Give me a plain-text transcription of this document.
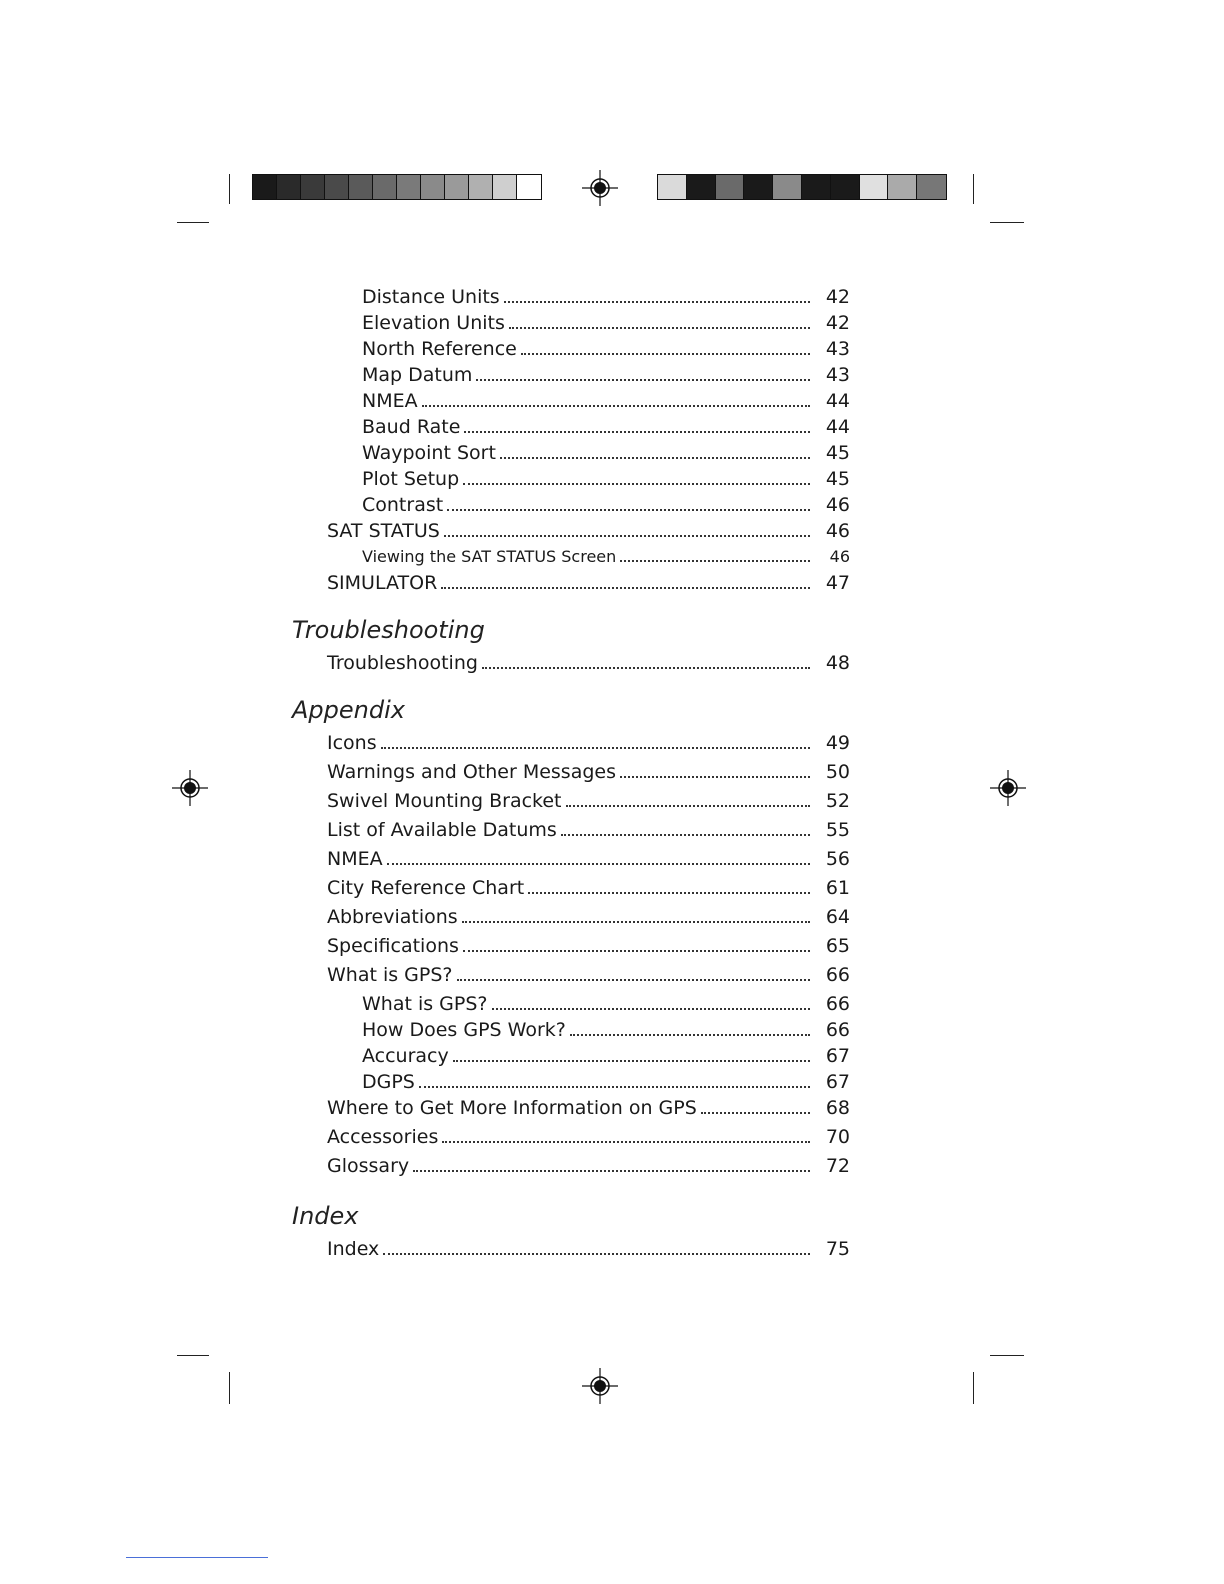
Distance Units	42
Elevation Units	42
North Reference	43
Map Datum	43
NMEA	44
Baud Rate	44
Waypoint Sort	45
Plot Setup	45
Contrast	46
SAT STATUS	46
Viewing the SAT STATUS Screen	46
SIMULATOR	47
Troubleshooting
Troubleshooting	48
Appendix
Icons	49
Warnings and Other Messages	50
Swivel Mounting Bracket	52
List of Available Datums	55
NMEA	56
City Reference Chart	61
Abbreviations	64
Specifications	65
What is GPS?	66
What is GPS?	66
How Does GPS Work?	66
Accuracy	67
DGPS	67
Where to Get More Information on GPS	68
Accessories	70
Glossary	72
Index
Index	75
